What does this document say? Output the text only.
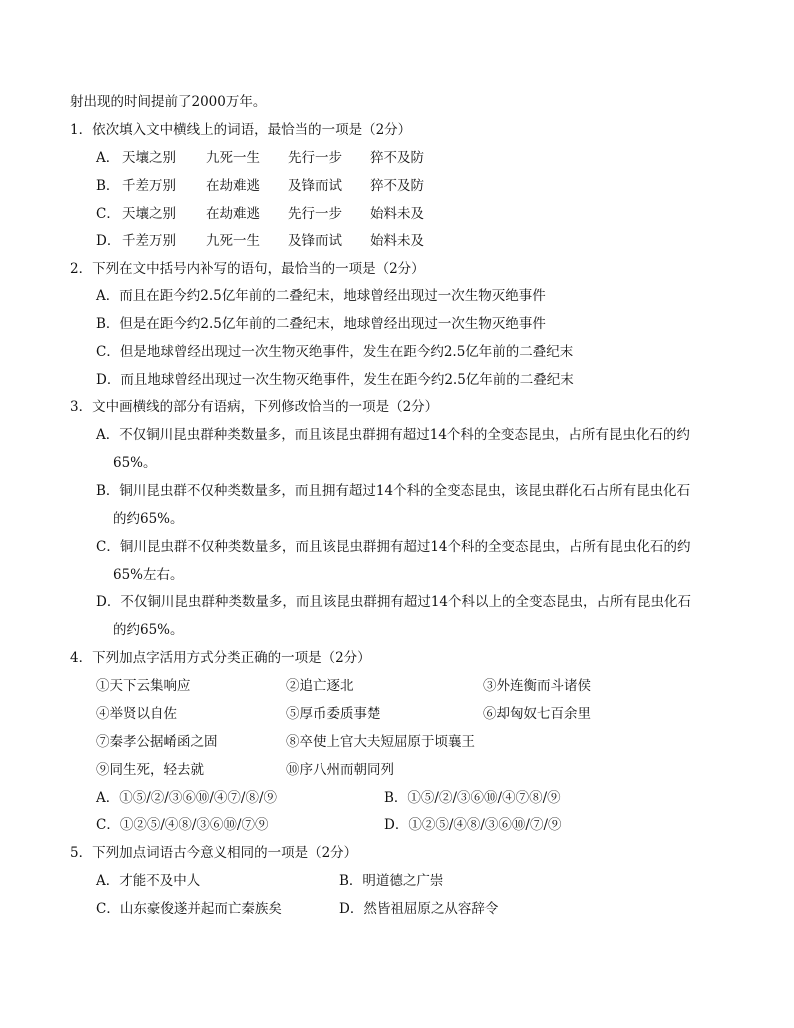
射出现的时间提前了2000万年。
1．依次填入文中横线上的词语，最恰当的一项是（2分）
A． 天壤之别 九死一生 先行一步 猝不及防
B． 千差万别 在劫难逃 及锋而试 猝不及防
C． 天壤之别 在劫难逃 先行一步 始料未及
D． 千差万别 九死一生 及锋而试 始料未及
2．下列在文中括号内补写的语句，最恰当的一项是（2分）
A．而且在距今约2.5亿年前的二叠纪末，地球曾经出现过一次生物灭绝事件
B．但是在距今约2.5亿年前的二叠纪末，地球曾经出现过一次生物灭绝事件
C．但是地球曾经出现过一次生物灭绝事件，发生在距今约2.5亿年前的二叠纪末
D．而且地球曾经出现过一次生物灭绝事件，发生在距今约2.5亿年前的二叠纪末
3．文中画横线的部分有语病，下列修改恰当的一项是（2分）
A．不仅铜川昆虫群种类数量多，而且该昆虫群拥有超过14个科的全变态昆虫，占所有昆虫化石的约
65%。
B．铜川昆虫群不仅种类数量多，而且拥有超过14个科的全变态昆虫，该昆虫群化石占所有昆虫化石
的约65%。
C．铜川昆虫群不仅种类数量多，而且该昆虫群拥有超过14个科的全变态昆虫，占所有昆虫化石的约
65%左右。
D．不仅铜川昆虫群种类数量多，而且该昆虫群拥有超过14个科以上的全变态昆虫，占所有昆虫化石
的约65%。
4．下列加点字活用方式分类正确的一项是（2分）
①天下云集响应	②追亡逐北	③外连衡而斗诸侯
④举贤以自佐	⑤厚币委质事楚	⑥却匈奴七百余里
⑦秦孝公据崤函之固	⑧卒使上官大夫短屈原于顷襄王
⑨同生死，轻去就	⑩序八州而朝同列
A．①⑤/②/③⑥⑩/④⑦/⑧/⑨	B．①⑤/②/③⑥⑩/④⑦⑧/⑨
C．①②⑤/④⑧/③⑥⑩/⑦⑨	D．①②⑤/④⑧/③⑥⑩/⑦/⑨
5．下列加点词语古今意义相同的一项是（2分）
A．才能不及中人	B．明道德之广崇
C．山东豪俊遂并起而亡秦族矣	D．然皆祖屈原之从容辞令
